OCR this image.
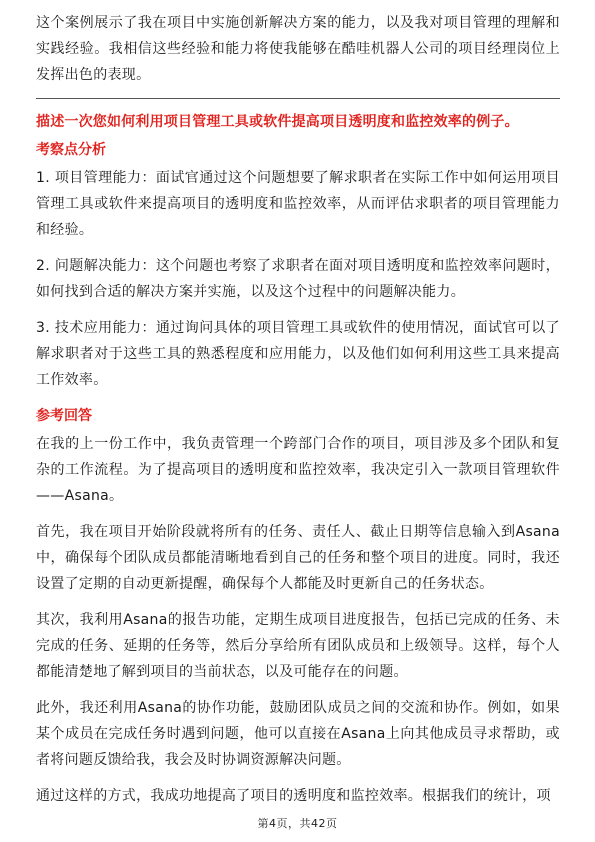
这个案例展示了我在项目中实施创新解决方案的能力，以及我对项目管理的理解和实践经验。我相信这些经验和能力将使我能够在酷哇机器人公司的项目经理岗位上发挥出色的表现。

描述一次您如何利用项目管理工具或软件提高项目透明度和监控效率的例子。
考察点分析

1. 项目管理能力：面试官通过这个问题想要了解求职者在实际工作中如何运用项目管理工具或软件来提高项目的透明度和监控效率，从而评估求职者的项目管理能力和经验。

2. 问题解决能力：这个问题也考察了求职者在面对项目透明度和监控效率问题时，如何找到合适的解决方案并实施，以及这个过程中的问题解决能力。

3. 技术应用能力：通过询问具体的项目管理工具或软件的使用情况，面试官可以了解求职者对于这些工具的熟悉程度和应用能力，以及他们如何利用这些工具来提高工作效率。

参考回答

在我的上一份工作中，我负责管理一个跨部门合作的项目，项目涉及多个团队和复杂的工作流程。为了提高项目的透明度和监控效率，我决定引入一款项目管理软件——Asana。

首先，我在项目开始阶段就将所有的任务、责任人、截止日期等信息输入到Asana中，确保每个团队成员都能清晰地看到自己的任务和整个项目的进度。同时，我还设置了定期的自动更新提醒，确保每个人都能及时更新自己的任务状态。

其次，我利用Asana的报告功能，定期生成项目进度报告，包括已完成的任务、未完成的任务、延期的任务等，然后分享给所有团队成员和上级领导。这样，每个人都能清楚地了解到项目的当前状态，以及可能存在的问题。

此外，我还利用Asana的协作功能，鼓励团队成员之间的交流和协作。例如，如果某个成员在完成任务时遇到问题，他可以直接在Asana上向其他成员寻求帮助，或者将问题反馈给我，我会及时协调资源解决问题。

通过这样的方式，我成功地提高了项目的透明度和监控效率。根据我们的统计，项

第4页，共42页
